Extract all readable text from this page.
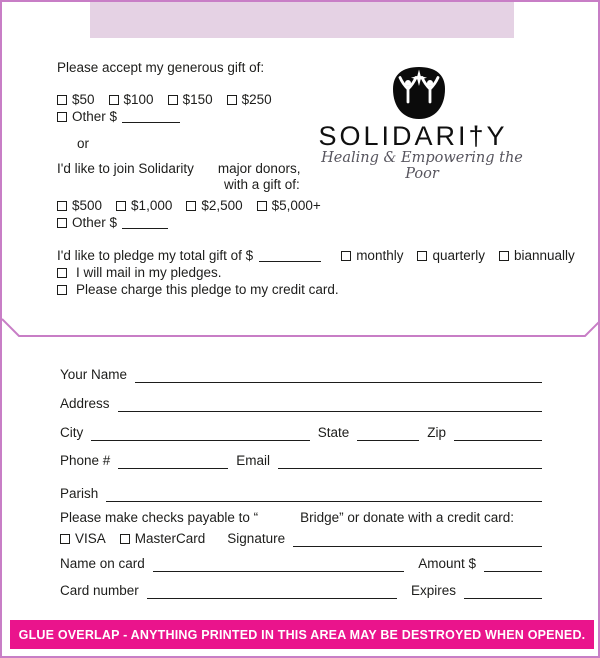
Please accept my generous gift of:
$50 $100 $150 $250
Other $
or
I'd like to join Solidarity major donors,
with a gift of:
$500 $1,000 $2,500 $5,000+
Other $
I'd like to pledge my total gift of $	monthly quarterly biannually
I will mail in my pledges.
Please charge this pledge to my credit card.
SOLIDARI†Y
Healing & Empowering the Poor
Your Name
Address
City	State	Zip
Phone #	Email
Parish
Please make checks payable to “	Bridge” or donate with a credit card:
VISA MasterCard Signature
Name on card	Amount $
Card number	Expires
GLUE OVERLAP - ANYTHING PRINTED IN THIS AREA MAY BE DESTROYED WHEN OPENED.
